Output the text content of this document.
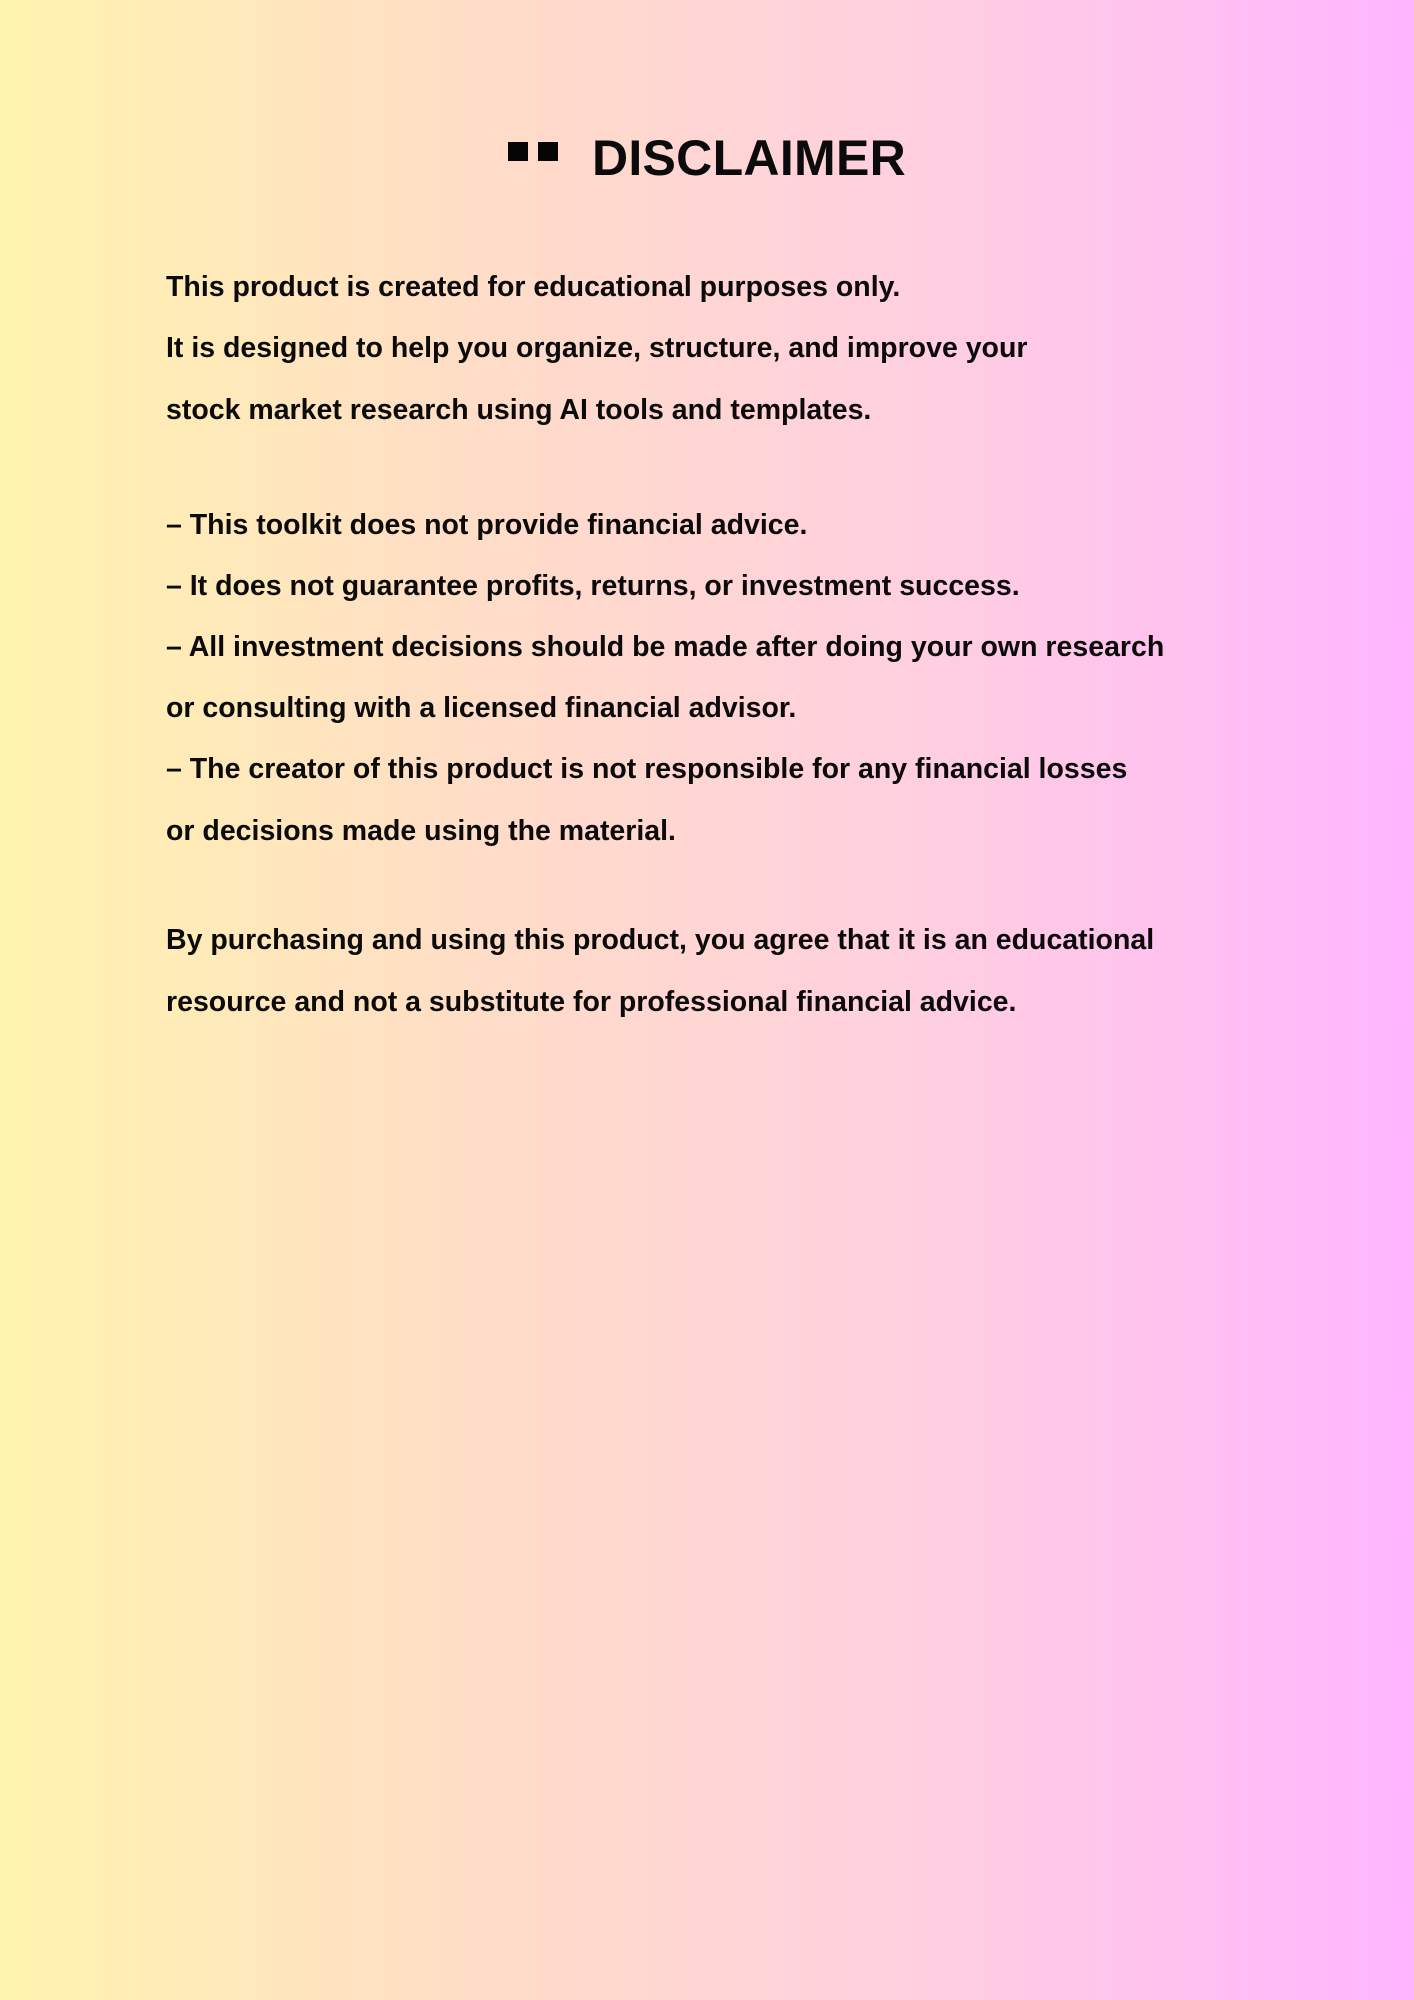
DISCLAIMER
This product is created for educational purposes only.
It is designed to help you organize, structure, and improve your
stock market research using AI tools and templates.
– This toolkit does not provide financial advice.
– It does not guarantee profits, returns, or investment success.
– All investment decisions should be made after doing your own research
or consulting with a licensed financial advisor.
– The creator of this product is not responsible for any financial losses
or decisions made using the material.
By purchasing and using this product, you agree that it is an educational
resource and not a substitute for professional financial advice.
